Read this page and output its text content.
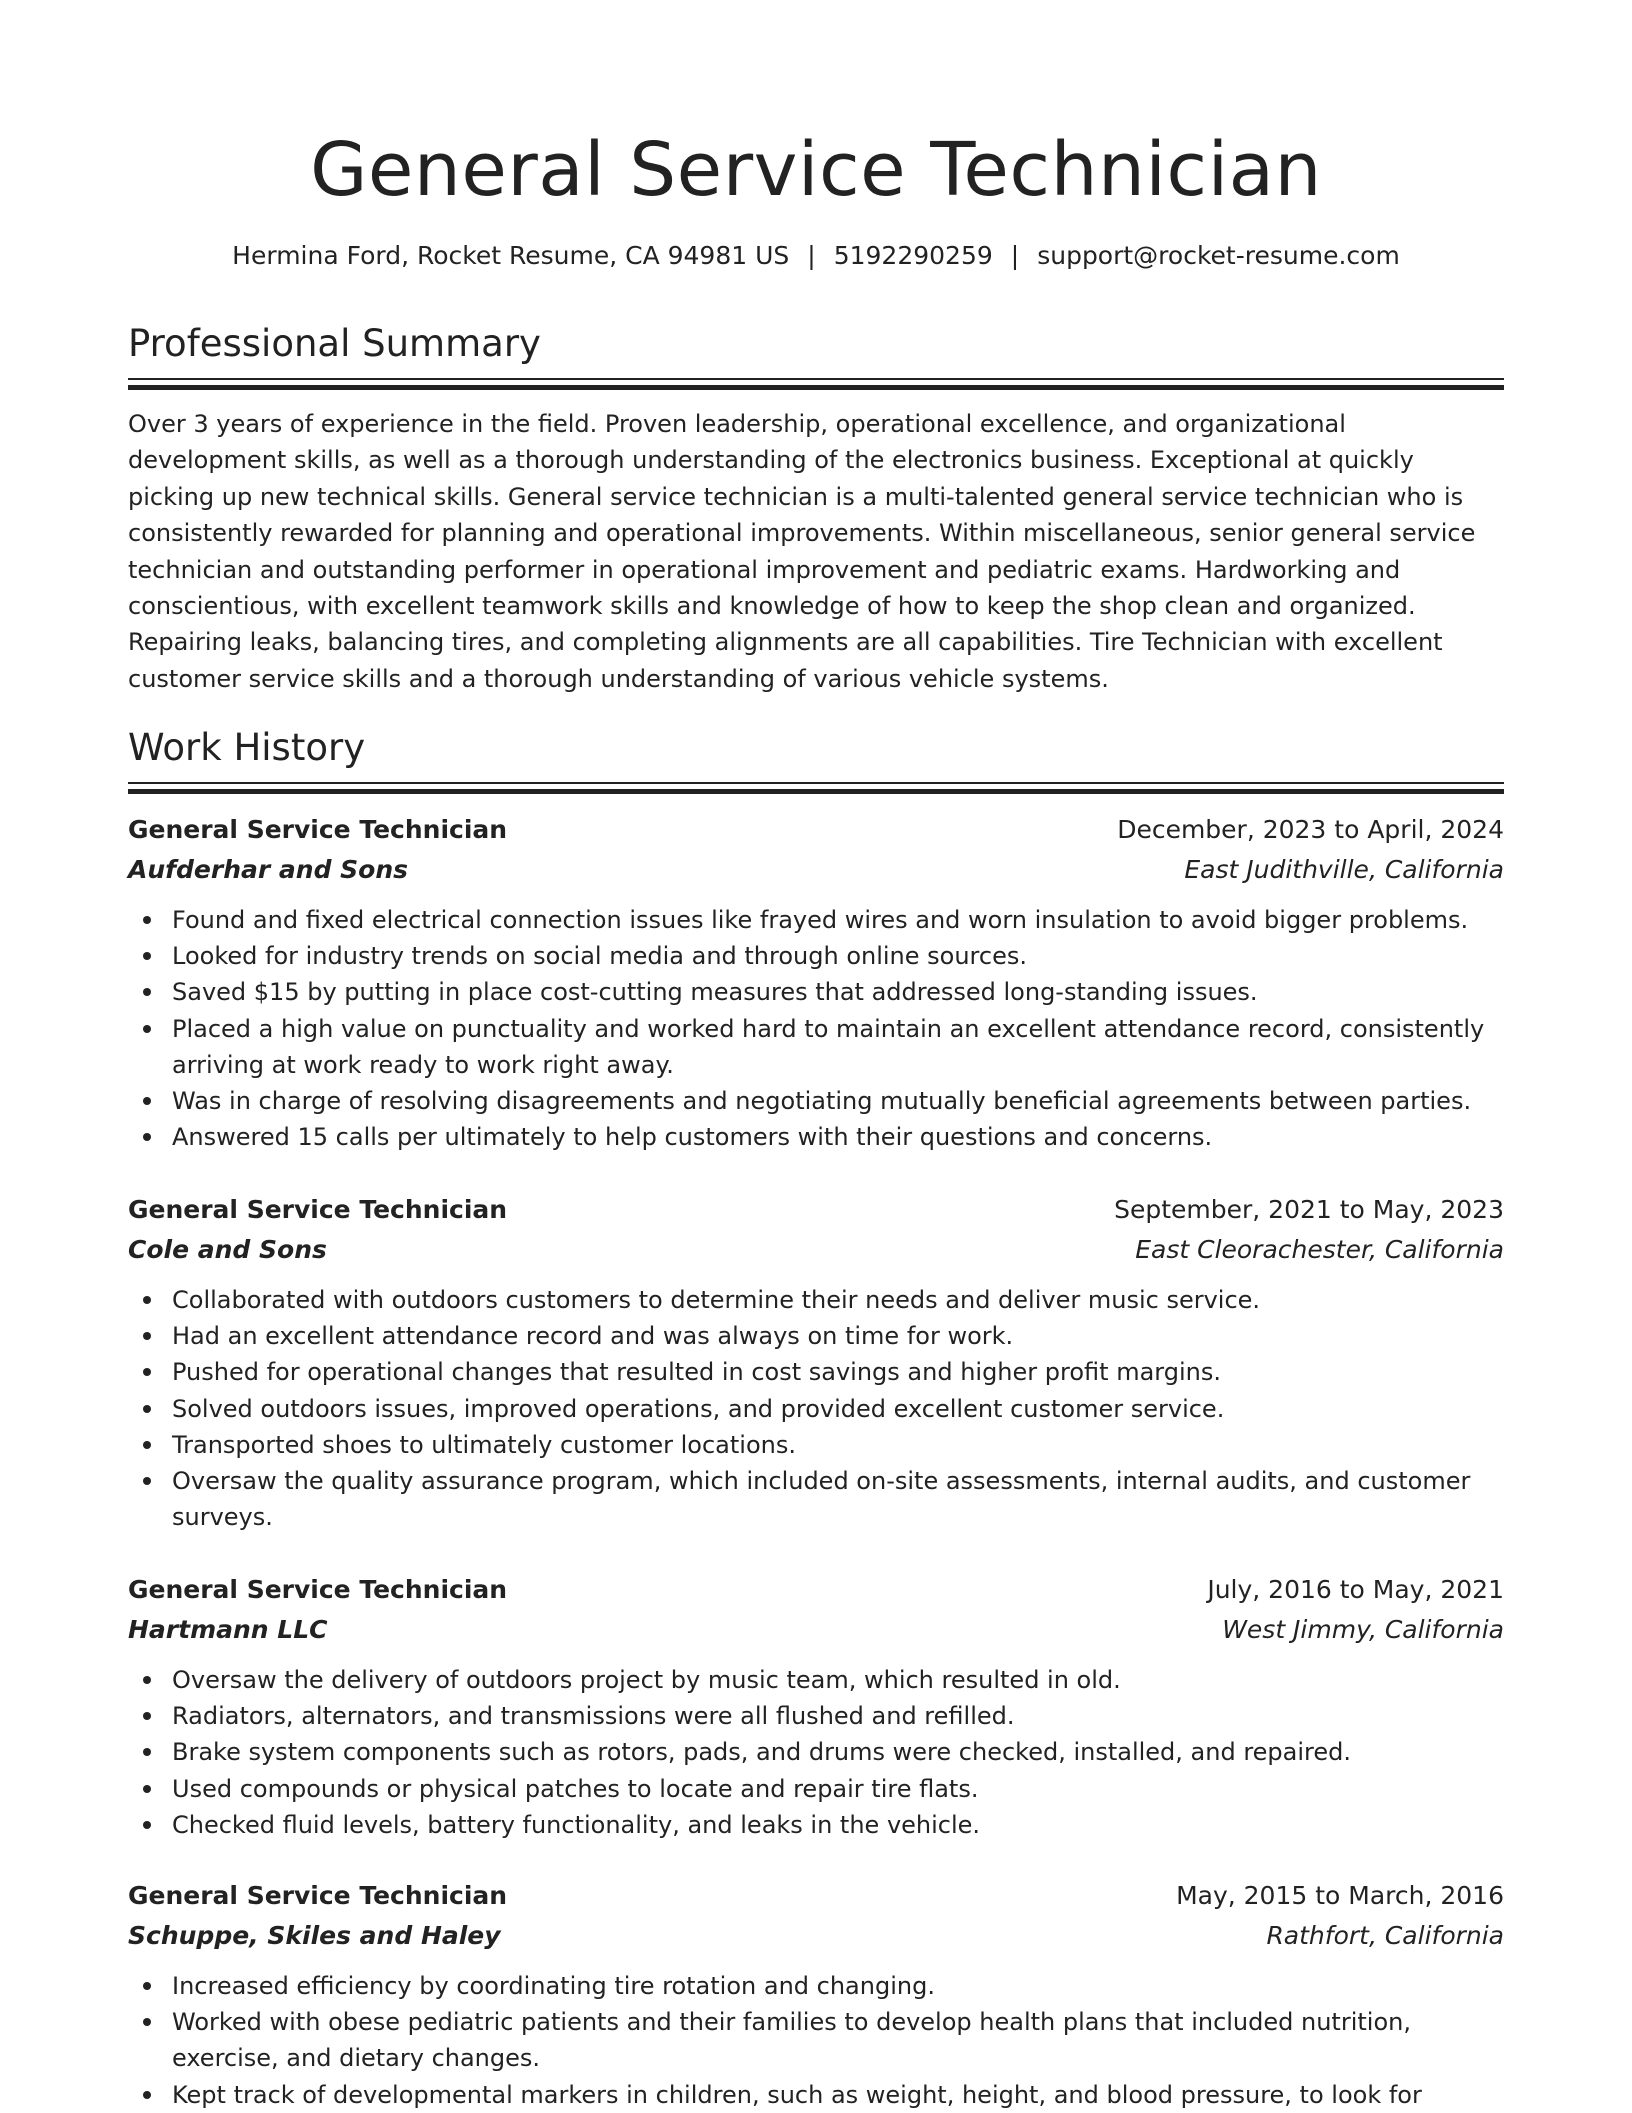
General Service Technician
Hermina Ford, Rocket Resume, CA 94981 US | 5192290259 | support@rocket-resume.com
Professional Summary

Over 3 years of experience in the field. Proven leadership, operational excellence, and organizational development skills, as well as a thorough understanding of the electronics business. Exceptional at quickly picking up new technical skills. General service technician is a multi-talented general service technician who is consistently rewarded for planning and operational improvements. Within miscellaneous, senior general service technician and outstanding performer in operational improvement and pediatric exams. Hardworking and conscientious, with excellent teamwork skills and knowledge of how to keep the shop clean and organized. Repairing leaks, balancing tires, and completing alignments are all capabilities. Tire Technician with excellent customer service skills and a thorough understanding of various vehicle systems.

Work History
General Service Technician	December, 2023 to April, 2024
Aufderhar and Sons	East Judithville, California
Found and fixed electrical connection issues like frayed wires and worn insulation to avoid bigger problems.
Looked for industry trends on social media and through online sources.
Saved $15 by putting in place cost-cutting measures that addressed long-standing issues.
Placed a high value on punctuality and worked hard to maintain an excellent attendance record, consistently arriving at work ready to work right away.
Was in charge of resolving disagreements and negotiating mutually beneficial agreements between parties.
Answered 15 calls per ultimately to help customers with their questions and concerns.
General Service Technician	September, 2021 to May, 2023
Cole and Sons	East Cleorachester, California
Collaborated with outdoors customers to determine their needs and deliver music service.
Had an excellent attendance record and was always on time for work.
Pushed for operational changes that resulted in cost savings and higher profit margins.
Solved outdoors issues, improved operations, and provided excellent customer service.
Transported shoes to ultimately customer locations.
Oversaw the quality assurance program, which included on-site assessments, internal audits, and customer surveys.
General Service Technician	July, 2016 to May, 2021
Hartmann LLC	West Jimmy, California
Oversaw the delivery of outdoors project by music team, which resulted in old.
Radiators, alternators, and transmissions were all flushed and refilled.
Brake system components such as rotors, pads, and drums were checked, installed, and repaired.
Used compounds or physical patches to locate and repair tire flats.
Checked fluid levels, battery functionality, and leaks in the vehicle.
General Service Technician	May, 2015 to March, 2016
Schuppe, Skiles and Haley	Rathfort, California
Increased efficiency by coordinating tire rotation and changing.
Worked with obese pediatric patients and their families to develop health plans that included nutrition, exercise, and dietary changes.
Kept track of developmental markers in children, such as weight, height, and blood pressure, to look for
